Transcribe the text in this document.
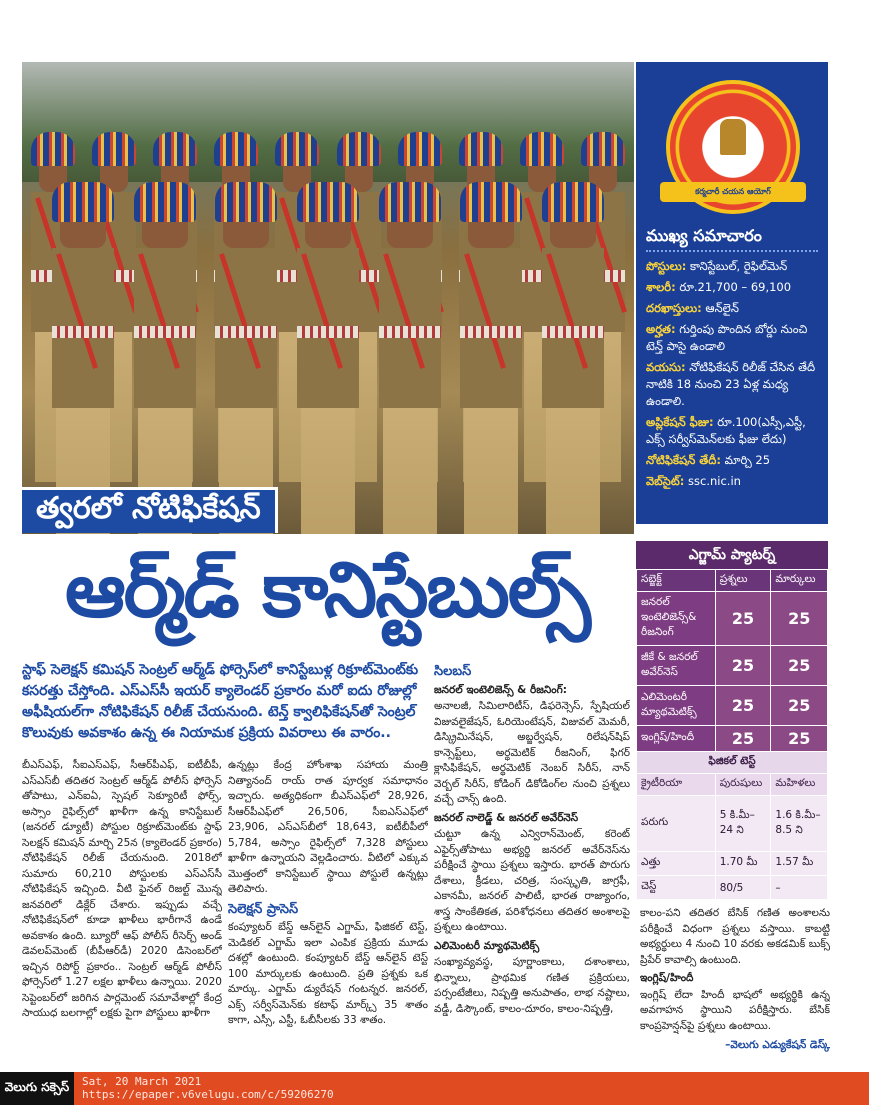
త్వరలో నోటిఫికేషన్
కర్మచారీ చయన ఆయోగ్
ముఖ్య సమాచారం
పోస్టులు: కానిస్టేబుల్, రైఫిల్‌మెన్
శాలరీ: రూ.21,700 – 69,100
దరఖాస్తులు: ఆన్‌లైన్
అర్హత: గుర్తింపు పొందిన బోర్డు నుంచి టెన్త్ పాసై ఉండాలి
వయసు: నోటిఫికేషన్ రిలీజ్ చేసిన తేదీ నాటికి 18 నుంచి 23 ఏళ్ల మధ్య ఉండాలి.
అప్లికేషన్ ఫీజు: రూ.100(ఎస్సీ,ఎస్టీ, ఎక్స్ సర్వీస్‌మెన్‌లకు ఫీజు లేదు)
నోటిఫికేషన్ తేదీ: మార్చి 25
వెబ్‌సైట్: ssc.nic.in
ఆర్మ్‌డ్ కానిస్టేబుల్స్	ఎగ్జామ్ ప్యాటర్న్
సబ్జెక్ట్	ప్రశ్నలు	మార్కులు
జనరల్ ఇంటెలిజెన్స్& రీజనింగ్	25	25
జీకే & జనరల్ అవేర్‌నెస్	25	25
ఎలిమెంటరీ మ్యాథమెటిక్స్	25	25
ఇంగ్లిష్/హిందీ	25	25
ఫిజికల్ టెస్ట్		
క్రైటీరియా	పురుషులు	మహిళలు
పరుగు	5 కి.మీ– 24 ని	1.6 కి.మీ– 8.5 ని
ఎత్తు	1.70 మీ	1.57 మీ
చెస్ట్	80/5	–

స్టాఫ్ సెలెక్షన్ కమిషన్ సెంట్రల్ ఆర్మ్‌డ్ ఫోర్సెస్‌లో కానిస్టేబుళ్ల రిక్రూట్‌మెంట్‌కు కసరత్తు చేస్తోంది. ఎస్ఎస్‌సీ ఇయర్ క్యాలెండర్ ప్రకారం మరో ఐదు రోజుల్లో అఫీషియల్‌గా నోటిఫికేషన్ రిలీజ్ చేయనుంది. టెన్త్ క్వాలిఫికేషన్‌తో సెంట్రల్ కొలువుకు అవకాశం ఉన్న ఈ నియామక ప్రక్రియ వివరాలు ఈ వారం..

బీఎస్ఎఫ్, సీఐఎస్ఎఫ్, సీఆర్‌పీఎఫ్, ఐటీబీపీ, ఎస్ఎస్‌బీ తదితర సెంట్రల్ ఆర్మ్‌డ్ పోలీస్ ఫోర్సెస్ తోపాటు, ఎన్ఐఏ, స్పెషల్ సెక్యూరిటీ ఫోర్స్, అస్సాం రైఫిల్స్‌లో ఖాళీగా ఉన్న కానిస్టేబుల్ (జనరల్ డ్యూటీ) పోస్టుల రిక్రూట్‌మెంట్‌కు స్టాఫ్ సెలక్షన్ కమిషన్ మార్చి 25న (క్యాలెండర్ ప్రకారం) నోటిఫికేషన్ రిలీజ్ చేయనుంది. 2018లో సుమారు 60,210 పోస్టులకు ఎస్ఎస్‌సీ నోటిఫికేషన్ ఇచ్చింది. వీటి ఫైనల్ రిజల్ట్ మొన్న జనవరిలో డిక్లేర్ చేశారు. ఇప్పుడు వచ్చే నోటిఫికేషన్‌లో కూడా ఖాళీలు భారీగానే ఉండే అవకాశం ఉంది. బ్యూరో ఆఫ్ పోలీస్ రీసెర్చ్ అండ్ డెవలప్‌మెంట్ (బీపీఆర్‌డీ) 2020 డిసెంబర్‌లో ఇచ్చిన రిపోర్ట్ ప్రకారం.. సెంట్రల్ ఆర్మ్‌డ్ పోలీస్ ఫోర్సెస్‌లో 1.27 లక్షల ఖాళీలు ఉన్నాయి. 2020 సెప్టెంబర్‌లో జరిగిన పార్లమెంట్ సమావేశాల్లో కేంద్ర సాయుధ బలగాల్లో లక్షకు పైగా పోస్టులు ఖాళీగా

ఉన్నట్లు కేంద్ర హోంశాఖ సహాయ మంత్రి నిత్యానంద్ రాయ్ రాత పూర్వక సమాధానం ఇచ్చారు. అత్యధికంగా బీఎస్ఎఫ్‌లో 28,926, సీఆర్‌పీఎఫ్‌లో 26,506, సీఐఎస్ఎఫ్‌లో 23,906, ఎస్ఎస్‌బీలో 18,643, ఐటీబీపీలో 5,784, అస్సాం రైఫిల్స్‌లో 7,328 పోస్టులు ఖాళీగా ఉన్నాయని వెల్లడించారు. వీటిలో ఎక్కువ మొత్తంలో కానిస్టేబుల్ స్థాయి పోస్టులే ఉన్నట్లు తెలిపారు.

సెలెక్షన్ ప్రాసెస్

కంప్యూటర్ బేస్డ్ ఆన్‌లైన్ ఎగ్జామ్, ఫిజికల్ టెస్ట్, మెడికల్ ఎగ్జామ్ ఇలా ఎంపిక ప్రక్రియ మూడు దశల్లో ఉంటుంది. కంప్యూటర్ బేస్డ్ ఆన్‌లైన్ టెస్ట్ 100 మార్కులకు ఉంటుంది. ప్రతి ప్రశ్నకు ఒక మార్కు. ఎగ్జామ్ డ్యురేషన్ గంటన్నర. జనరల్, ఎక్స్ సర్వీస్‌మెన్‌కు కటాఫ్ మార్క్స్ 35 శాతం కాగా, ఎస్సీ, ఎస్టీ, ఓబీసీలకు 33 శాతం.

సిలబస్
జనరల్ ఇంటెలిజెన్స్ & రీజనింగ్:

అనాలజీ, సిమిలారిటీస్, డిఫరెన్సెస్, స్పేషియల్ విజువలైజేషన్, ఓరియెంటేషన్, విజువల్ మెమరీ, డిస్క్రిమినేషన్, అబ్జర్వేషన్, రిలేషన్‌షిప్ కాన్సెప్ట్‌లు, అర్థమెటిక్ రీజనింగ్, ఫిగర్ క్లాసిఫికేషన్, అర్థమెటిక్ నెంబర్ సిరీస్, నాన్ వెర్బల్ సిరీస్, కోడింగ్ డికోడింగ్‌ల నుంచి ప్రశ్నలు వచ్చే చాన్స్ ఉంది.

జనరల్ నాలెడ్జ్ & జనరల్ అవేర్‌నెస్

చుట్టూ ఉన్న ఎన్విరాన్‌మెంట్, కరెంట్ ఎఫైర్స్‌తోపాటు అభ్యర్థి జనరల్ అవేర్‌నెస్‌ను పరీక్షించే స్థాయి ప్రశ్నలు ఇస్తారు. భారత్ పొరుగు దేశాలు, క్రీడలు, చరిత్ర, సంస్కృతి, జాగ్రఫీ, ఎకానమీ, జనరల్ పాలిటీ, భారత రాజ్యాంగం, శాస్త్ర సాంకేతికత, పరిశోధనలు తదితర అంశాలపై ప్రశ్నలు ఉంటాయి.

ఎలిమెంటరీ మ్యాథమెటిక్స్

సంఖ్యావ్యవస్థ, పూర్ణాంకాలు, దశాంశాలు, భిన్నాలు, ప్రాథమిక గణిత ప్రక్రియలు, పర్సంటేజీలు, నిష్పత్తి అనుపాతం, లాభ నష్టాలు, వడ్డీ, డిస్కౌంట్, కాలం-దూరం, కాలం-నిష్పత్తి,

కాలం-పని తదితర బేసిక్ గణిత అంశాలను పరీక్షించే విధంగా ప్రశ్నలు వస్తాయి. కాబట్టి అభ్యర్థులు 4 నుంచి 10 వరకు అకడమిక్ బుక్స్ ప్రిపేర్ కావాల్సి ఉంటుంది.

ఇంగ్లిష్/హిందీ

ఇంగ్లిష్ లేదా హిందీ భాషలో అభ్యర్థికి ఉన్న అవగాహన స్థాయిని పరీక్షిస్తారు. బేసిక్ కాంప్రహెన్షన్‌పై ప్రశ్నలు ఉంటాయి.

–వెలుగు ఎడ్యుకేషన్ డెస్క్
వెలుగు సక్సెస్	Sat, 20 March 2021
https://epaper.v6velugu.com/c/59206270
